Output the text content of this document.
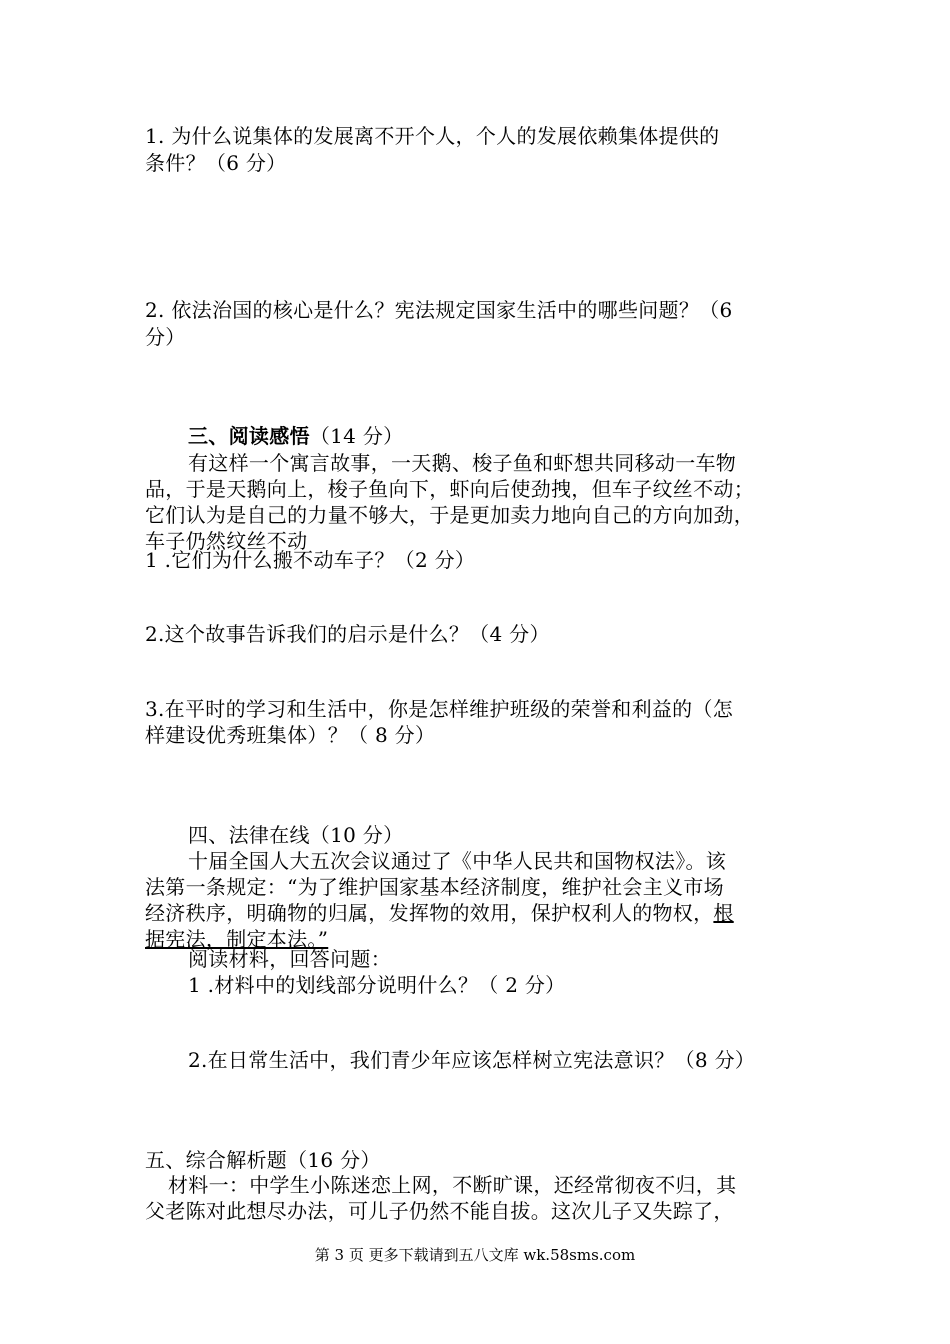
1. 为什么说集体的发展离不开个人，个人的发展依赖集体提供的
条件？（6 分）
2. 依法治国的核心是什么？宪法规定国家生活中的哪些问题？（6
分）
三、阅读感悟（14 分）
有这样一个寓言故事，一天鹅、梭子鱼和虾想共同移动一车物
品，于是天鹅向上，梭子鱼向下，虾向后使劲拽，但车子纹丝不动；
它们认为是自己的力量不够大，于是更加卖力地向自己的方向加劲，
车子仍然纹丝不动
1 .它们为什么搬不动车子？（2 分）
2.这个故事告诉我们的启示是什么？（4 分）
3.在平时的学习和生活中，你是怎样维护班级的荣誉和利益的（怎
样建设优秀班集体）？（ 8 分）
四、法律在线（10 分）
十届全国人大五次会议通过了《中华人民共和国物权法》。该
法第一条规定：“为了维护国家基本经济制度，维护社会主义市场
经济秩序，明确物的归属，发挥物的效用，保护权利人的物权，根
据宪法，制定本法。”
阅读材料，回答问题：
1 .材料中的划线部分说明什么？（ 2 分）
2.在日常生活中，我们青少年应该怎样树立宪法意识？（8 分）
五、综合解析题（16 分）
材料一：中学生小陈迷恋上网，不断旷课，还经常彻夜不归，其
父老陈对此想尽办法，可儿子仍然不能自拔。这次儿子又失踪了，
第 3 页 更多下载请到五八文库 wk.58sms.com
